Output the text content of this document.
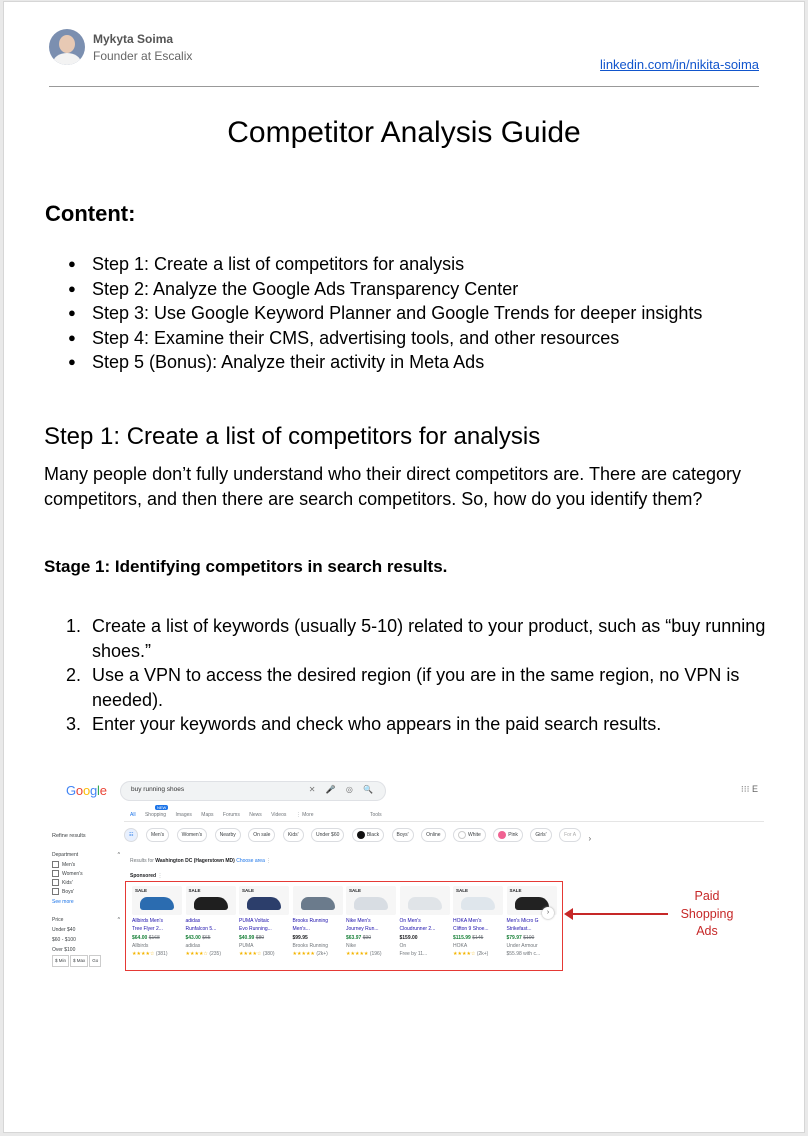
Mykyta Soima
Founder at Escalix
linkedin.com/in/nikita-soima
Competitor Analysis Guide
Content:
● Step 1: Create a list of competitors for analysis
● Step 2: Analyze the Google Ads Transparency Center
● Step 3: Use Google Keyword Planner and Google Trends for deeper insights
● Step 4: Examine their CMS, advertising tools, and other resources
● Step 5 (Bonus): Analyze their activity in Meta Ads
Step 1: Create a list of competitors for analysis
Many people don’t fully understand who their direct competitors are. There are category competitors, and then there are search competitors. So, how do you identify them?
Stage 1: Identifying competitors in search results.
1. Create a list of keywords (usually 5-10) related to your product, such as “buy running shoes.”
2. Use a VPN to access the desired region (if you are in the same region, no VPN is needed).
3. Enter your keywords and check who appears in the paid search results.
Google	buy running shoes	✕ 🎤 ◎ 🔍	⁝⁝⁝ E
NEW
All Shopping Images Maps Forums News Videos ⋮ More	Tools
☷	Men's	Women's	Nearby	On sale	Kids'	Under $60	Black	Boys'	Online	White	Pink	Girls'	For A ›
Refine results
Department	^
Men's
Women's
Kids'
Boys'
See more
Price	^
Under $40
$60 - $100
Over $100
$ Min $ Max Go
Results for Washington DC (Hagerstown MD) Choose area ⋮
Sponsored ⋮
SALE
Allbirds Men's
Tree Flyer 2...
$64.00 $168
Allbirds
★★★★☆ (381)
SALE
adidas
Runfalcon 5...
$43.00 $65
adidas
★★★★☆ (235)
SALE
PUMA Voltaic
Evo Running...
$40.99 $80
PUMA
★★★★☆ (380)
Brooks Running
Men's...
$99.95
Brooks Running
★★★★★ (2k+)
SALE
Nike Men's
Journey Run...
$63.97 $90
Nike
★★★★★ (196)
On Men's
Cloudrunner 2...
$159.00
On
Free by 11...
SALE
HOKA Men's
Clifton 9 Shoe...
$115.99 $145
HOKA
★★★★☆ (2k+)
SALE
Men's Micro G
Strikefast...
$79.97 $100
Under Armour
$55.98 with c...
›
Paid
Shopping
Ads
